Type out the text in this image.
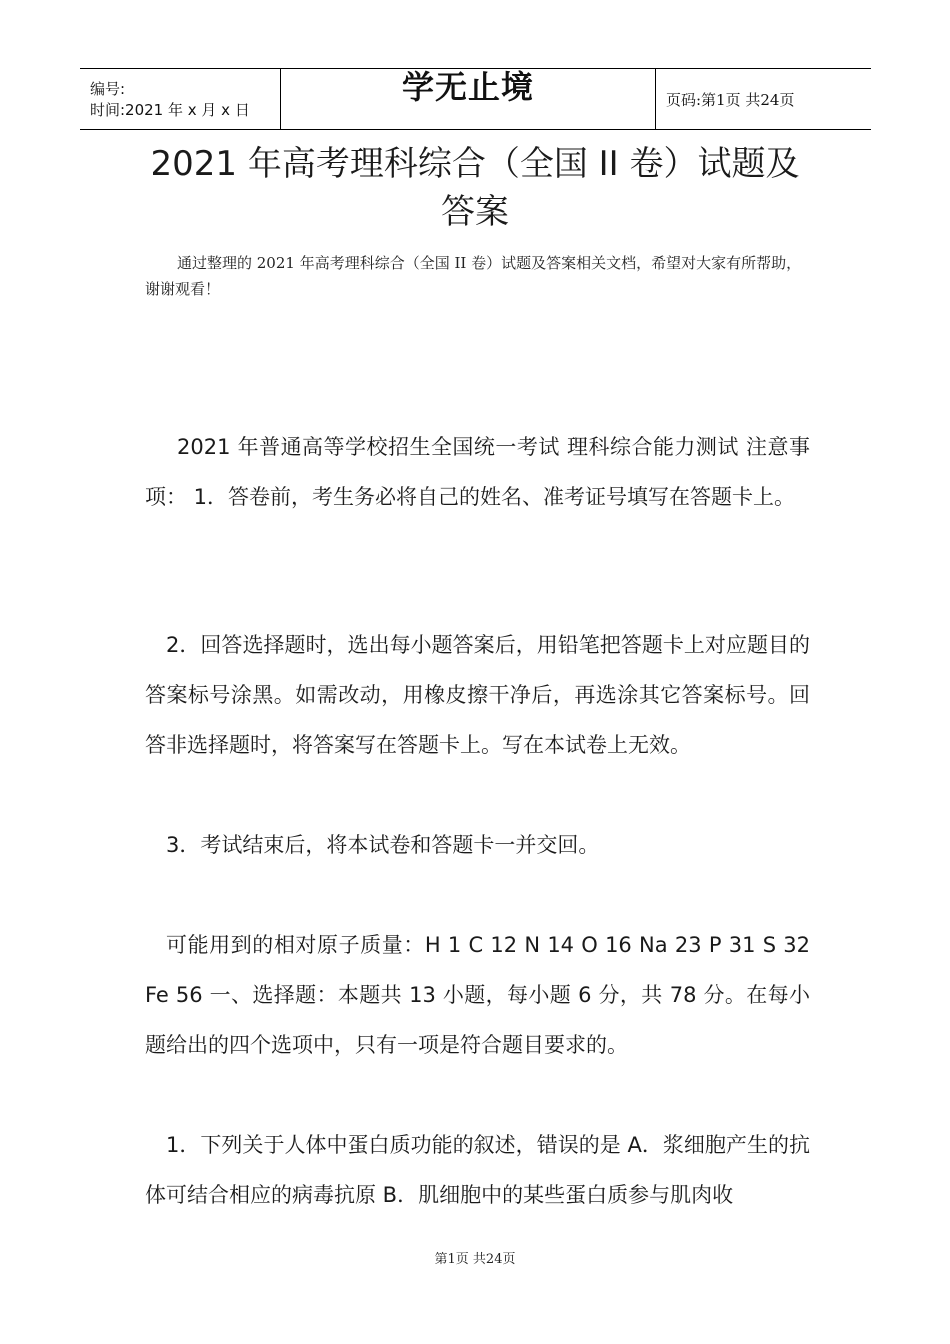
编号:
时间:2021 年 x 月 x 日
学无止境	页码:第1页 共24页
2021 年高考理科综合（全国 II 卷）试题及答案
通过整理的 2021 年高考理科综合（全国 II 卷）试题及答案相关文档，希望对大家有所帮助，谢谢观看！
2021 年普通高等学校招生全国统一考试 理科综合能力测试 注意事项： 1．答卷前，考生务必将自己的姓名、准考证号填写在答题卡上。
2．回答选择题时，选出每小题答案后，用铅笔把答题卡上对应题目的答案标号涂黑。如需改动，用橡皮擦干净后，再选涂其它答案标号。回答非选择题时，将答案写在答题卡上。写在本试卷上无效。
3．考试结束后，将本试卷和答题卡一并交回。
可能用到的相对原子质量：H 1 C 12 N 14 O 16 Na 23 P 31 S 32 Fe 56 一、选择题：本题共 13 小题，每小题 6 分，共 78 分。在每小题给出的四个选项中，只有一项是符合题目要求的。
1．下列关于人体中蛋白质功能的叙述，错误的是 A．浆细胞产生的抗体可结合相应的病毒抗原 B．肌细胞中的某些蛋白质参与肌肉收
第1页 共24页
